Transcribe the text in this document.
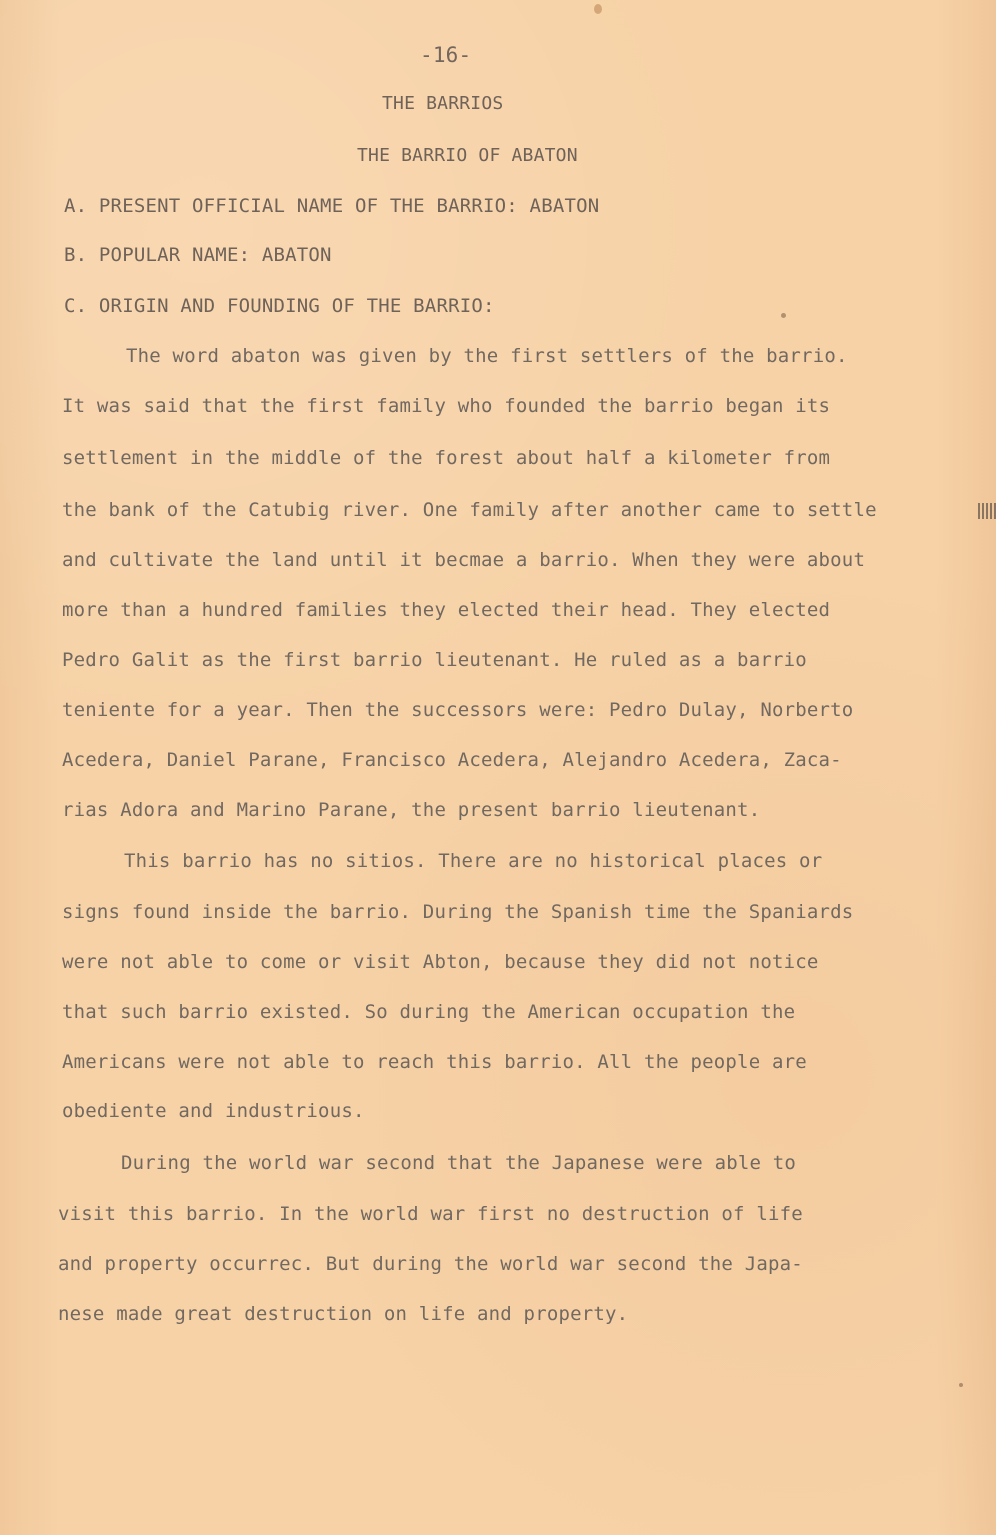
-16-
THE BARRIOS
THE BARRIO OF ABATON
A. PRESENT OFFICIAL NAME OF THE BARRIO: ABATON
B. POPULAR NAME: ABATON
C. ORIGIN AND FOUNDING OF THE BARRIO:
The word abaton was given by the first settlers of the barrio.
It was said that the first family who founded the barrio began its
settlement in the middle of the forest about half a kilometer from
the bank of the Catubig river. One family after another came to settle
and cultivate the land until it becmae a barrio. When they were about
more than a hundred families they elected their head. They elected
Pedro Galit as the first barrio lieutenant. He ruled as a barrio
teniente for a year. Then the successors were: Pedro Dulay, Norberto
Acedera, Daniel Parane, Francisco Acedera, Alejandro Acedera, Zaca-
rias Adora and Marino Parane, the present barrio lieutenant.
This barrio has no sitios. There are no historical places or
signs found inside the barrio. During the Spanish time the Spaniards
were not able to come or visit Abton, because they did not notice
that such barrio existed. So during the American occupation the
Americans were not able to reach this barrio. All the people are
obediente and industrious.
During the world war second that the Japanese were able to
visit this barrio. In the world war first no destruction of life
and property occurrec. But during the world war second the Japa-
nese made great destruction on life and property.
